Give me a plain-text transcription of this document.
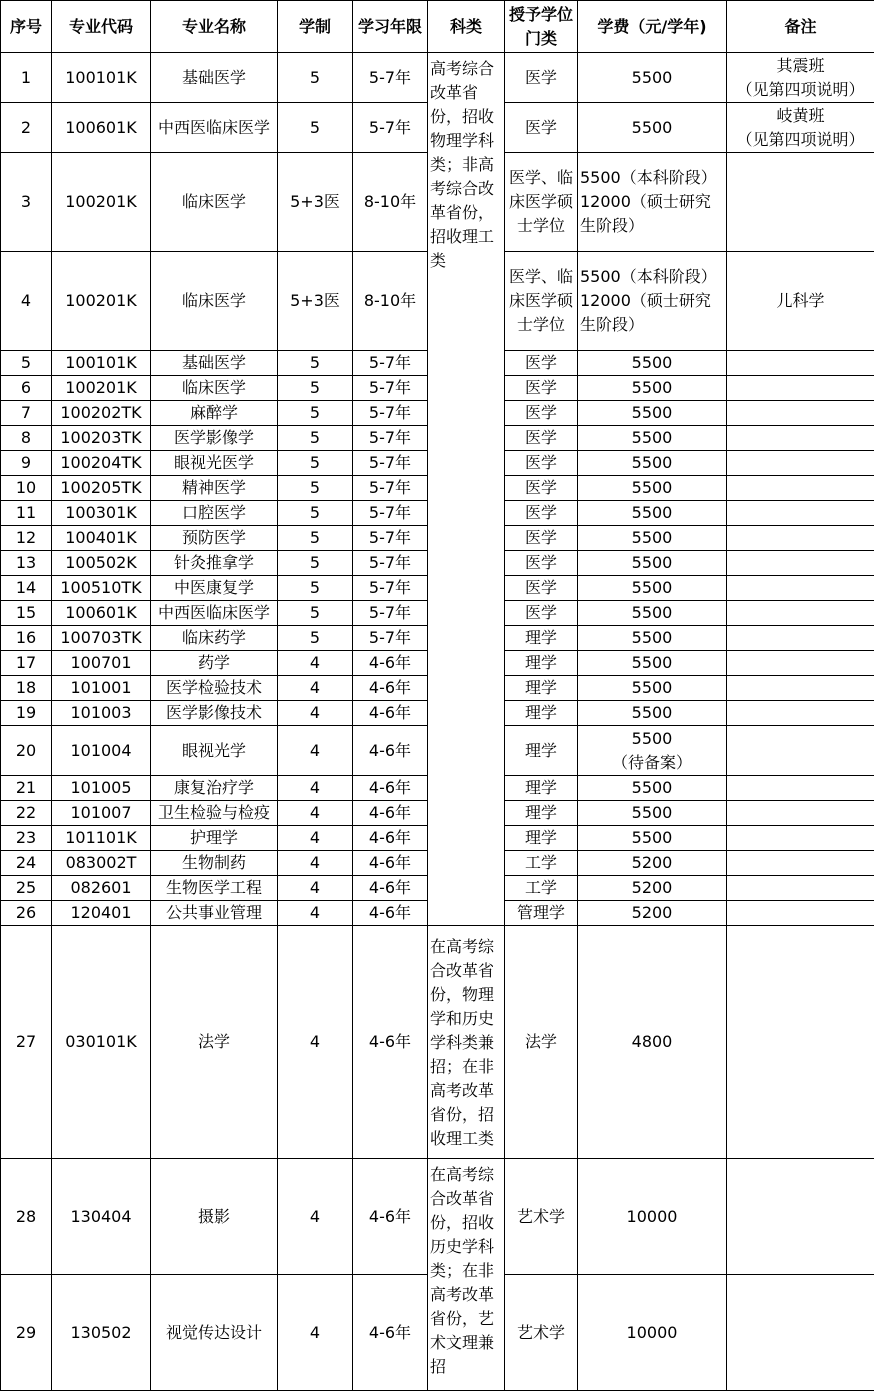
序号	专业代码	专业名称	学制	学习年限	科类	授予学位门类	学费（元/学年)	备注
1	100101K	基础医学	5	5-7年	高考综合改革省份，招收物理学科类；非高考综合改革省份，招收理工类	医学	5500	其震班
（见第四项说明）
2	100601K	中西医临床医学	5	5-7年		医学	5500	岐黄班
（见第四项说明）
3	100201K	临床医学	5+3医	8-10年		医学、临床医学硕士学位	5500（本科阶段）12000（硕士研究生阶段）	
4	100201K	临床医学	5+3医	8-10年		医学、临床医学硕士学位	5500（本科阶段）12000（硕士研究生阶段）	儿科学
5	100101K	基础医学	5	5-7年		医学	5500	
6	100201K	临床医学	5	5-7年		医学	5500	
7	100202TK	麻醉学	5	5-7年		医学	5500	
8	100203TK	医学影像学	5	5-7年		医学	5500	
9	100204TK	眼视光医学	5	5-7年		医学	5500	
10	100205TK	精神医学	5	5-7年		医学	5500	
11	100301K	口腔医学	5	5-7年		医学	5500	
12	100401K	预防医学	5	5-7年		医学	5500	
13	100502K	针灸推拿学	5	5-7年		医学	5500	
14	100510TK	中医康复学	5	5-7年		医学	5500	
15	100601K	中西医临床医学	5	5-7年		医学	5500	
16	100703TK	临床药学	5	5-7年		理学	5500	
17	100701	药学	4	4-6年		理学	5500	
18	101001	医学检验技术	4	4-6年		理学	5500	
19	101003	医学影像技术	4	4-6年		理学	5500	
20	101004	眼视光学	4	4-6年		理学	5500
（待备案）	
21	101005	康复治疗学	4	4-6年		理学	5500	
22	101007	卫生检验与检疫	4	4-6年		理学	5500	
23	101101K	护理学	4	4-6年		理学	5500	
24	083002T	生物制药	4	4-6年		工学	5200	
25	082601	生物医学工程	4	4-6年		工学	5200	
26	120401	公共事业管理	4	4-6年		管理学	5200	
27	030101K	法学	4	4-6年	在高考综合改革省份，物理学和历史学科类兼招；在非高考改革省份，招收理工类	法学	4800	
28	130404	摄影	4	4-6年	在高考综合改革省份，招收历史学科类；在非高考改革省份，艺术文理兼招	艺术学	10000	
29	130502	视觉传达设计	4	4-6年		艺术学	10000	
